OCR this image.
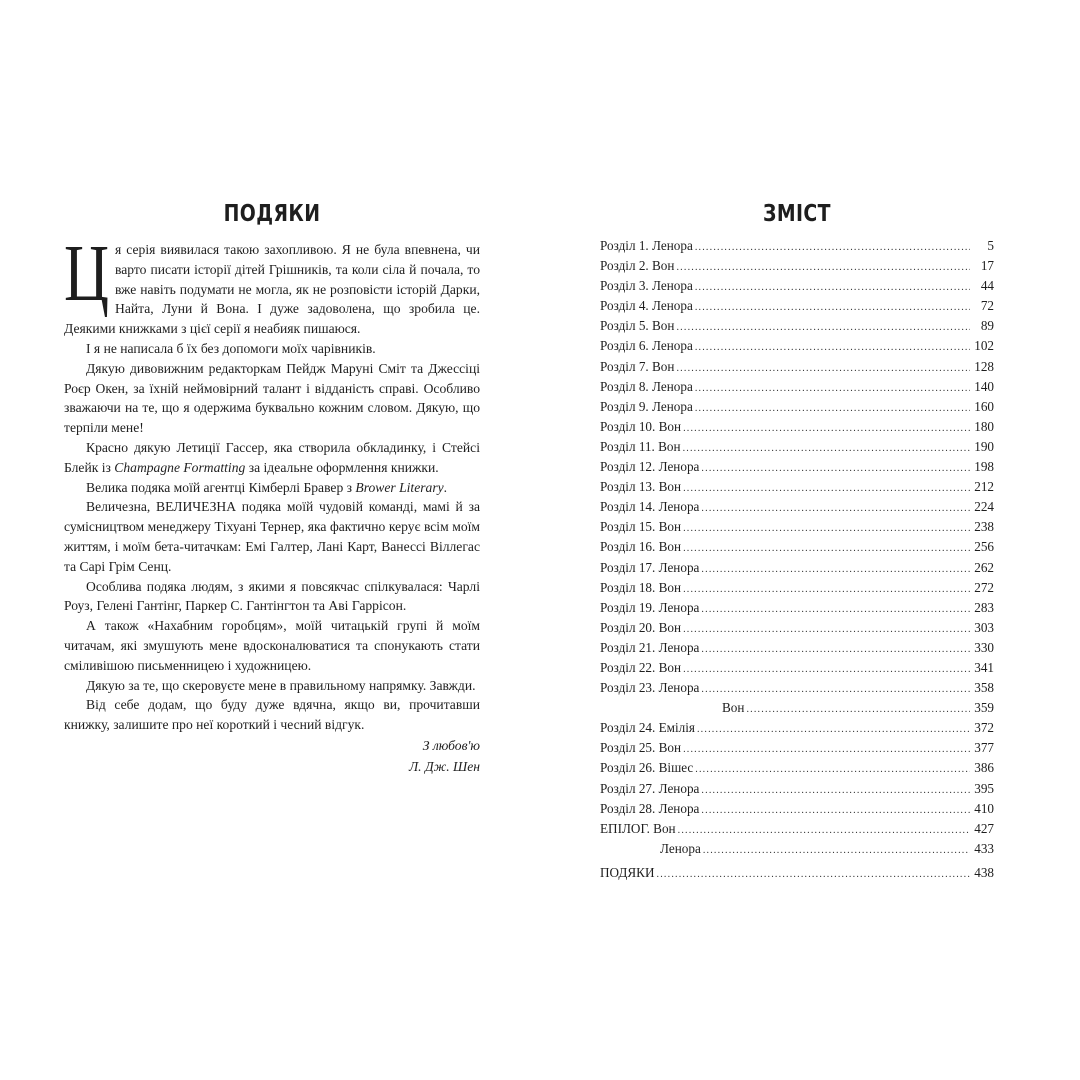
ПОДЯКИ

Ця серія виявилася такою захопливою. Я не була впевнена, чи варто писати історії дітей Грішників, та коли сіла й почала, то вже навіть подумати не могла, як не розповісти історій Дарки, Найта, Луни й Вона. І дуже задоволена, що зробила це. Деякими книжками з цієї серії я неабияк пишаюся.

І я не написала б їх без допомоги моїх чарівників.

Дякую дивовижним редакторкам Пейдж Маруні Сміт та Джессіці Роєр Окен, за їхній неймовірний талант і відданість справі. Особливо зважаючи на те, що я одержима буквально кожним словом. Дякую, що терпіли мене!

Красно дякую Летиції Гассер, яка створила обкладинку, і Стейсі Блейк із Champagne Formatting за ідеальне оформлення книжки.

Велика подяка моїй агентці Кімберлі Бравер з Brower Literary.

Величезна, ВЕЛИЧЕЗНА подяка моїй чудовій команді, мамі й за сумісництвом менеджеру Тіхуані Тернер, яка фактично керує всім моїм життям, і моїм бета-читачкам: Емі Галтер, Лані Карт, Ванессі Віллегас та Сарі Грім Сенц.

Особлива подяка людям, з якими я повсякчас спілкувалася: Чарлі Роуз, Гелені Гантінг, Паркер С. Гантінгтон та Аві Гаррісон.

А також «Нахабним горобцям», моїй читацькій групі й моїм читачам, які змушують мене вдосконалюватися та спонукають стати сміливішою письменницею і художницею.

Дякую за те, що скеровуєте мене в правильному напрямку. Завжди.

Від себе додам, що буду дуже вдячна, якщо ви, прочитавши книжку, залишите про неї короткий і чесний відгук.

З любов'ю
Л. Дж. Шен
ЗМІСТ
Розділ 1. Ленора .....	5
Розділ 2. Вон .....	17
Розділ 3. Ленора .....	44
Розділ 4. Ленора .....	72
Розділ 5. Вон .....	89
Розділ 6. Ленора .....	102
Розділ 7. Вон .....	128
Розділ 8. Ленора .....	140
Розділ 9. Ленора .....	160
Розділ 10. Вон .....	180
Розділ 11. Вон .....	190
Розділ 12. Ленора .....	198
Розділ 13. Вон .....	212
Розділ 14. Ленора .....	224
Розділ 15. Вон .....	238
Розділ 16. Вон .....	256
Розділ 17. Ленора .....	262
Розділ 18. Вон .....	272
Розділ 19. Ленора .....	283
Розділ 20. Вон .....	303
Розділ 21. Ленора .....	330
Розділ 22. Вон .....	341
Розділ 23. Ленора .....	358
Вон .....	359
Розділ 24. Емілія .....	372
Розділ 25. Вон .....	377
Розділ 26. Вішес .....	386
Розділ 27. Ленора .....	395
Розділ 28. Ленора .....	410
ЕПІЛОГ. Вон .....	427
Ленора .....	433
ПОДЯКИ .....	438
